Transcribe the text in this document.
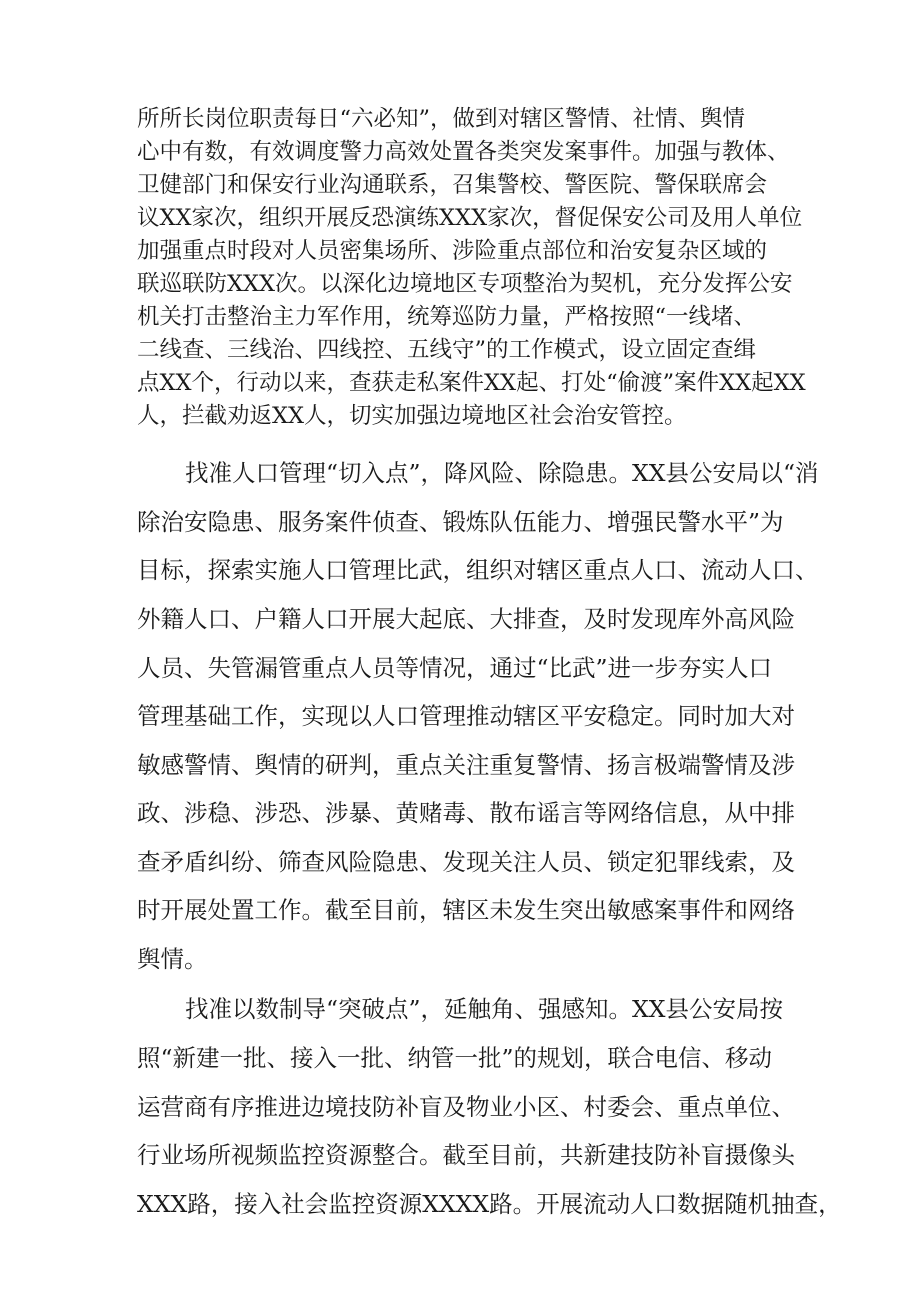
所所长岗位职责每日“六必知”，做到对辖区警情、社情、舆情
心中有数，有效调度警力高效处置各类突发案事件。加强与教体、
卫健部门和保安行业沟通联系，召集警校、警医院、警保联席会
议XX家次，组织开展反恐演练XXX家次，督促保安公司及用人单位
加强重点时段对人员密集场所、涉险重点部位和治安复杂区域的
联巡联防XXX次。以深化边境地区专项整治为契机，充分发挥公安
机关打击整治主力军作用，统筹巡防力量，严格按照“一线堵、
二线查、三线治、四线控、五线守”的工作模式，设立固定查缉
点XX个，行动以来，查获走私案件XX起、打处“偷渡”案件XX起XX
人，拦截劝返XX人，切实加强边境地区社会治安管控。
找准人口管理“切入点”，降风险、除隐患。XX县公安局以“消
除治安隐患、服务案件侦查、锻炼队伍能力、增强民警水平”为
目标，探索实施人口管理比武，组织对辖区重点人口、流动人口、
外籍人口、户籍人口开展大起底、大排查，及时发现库外高风险
人员、失管漏管重点人员等情况，通过“比武”进一步夯实人口
管理基础工作，实现以人口管理推动辖区平安稳定。同时加大对
敏感警情、舆情的研判，重点关注重复警情、扬言极端警情及涉
政、涉稳、涉恐、涉暴、黄赌毒、散布谣言等网络信息，从中排
查矛盾纠纷、筛查风险隐患、发现关注人员、锁定犯罪线索，及
时开展处置工作。截至目前，辖区未发生突出敏感案事件和网络
舆情。
找准以数制导“突破点”，延触角、强感知。XX县公安局按
照“新建一批、接入一批、纳管一批”的规划，联合电信、移动
运营商有序推进边境技防补盲及物业小区、村委会、重点单位、
行业场所视频监控资源整合。截至目前，共新建技防补盲摄像头
XXX路，接入社会监控资源XXXX路。开展流动人口数据随机抽查，
